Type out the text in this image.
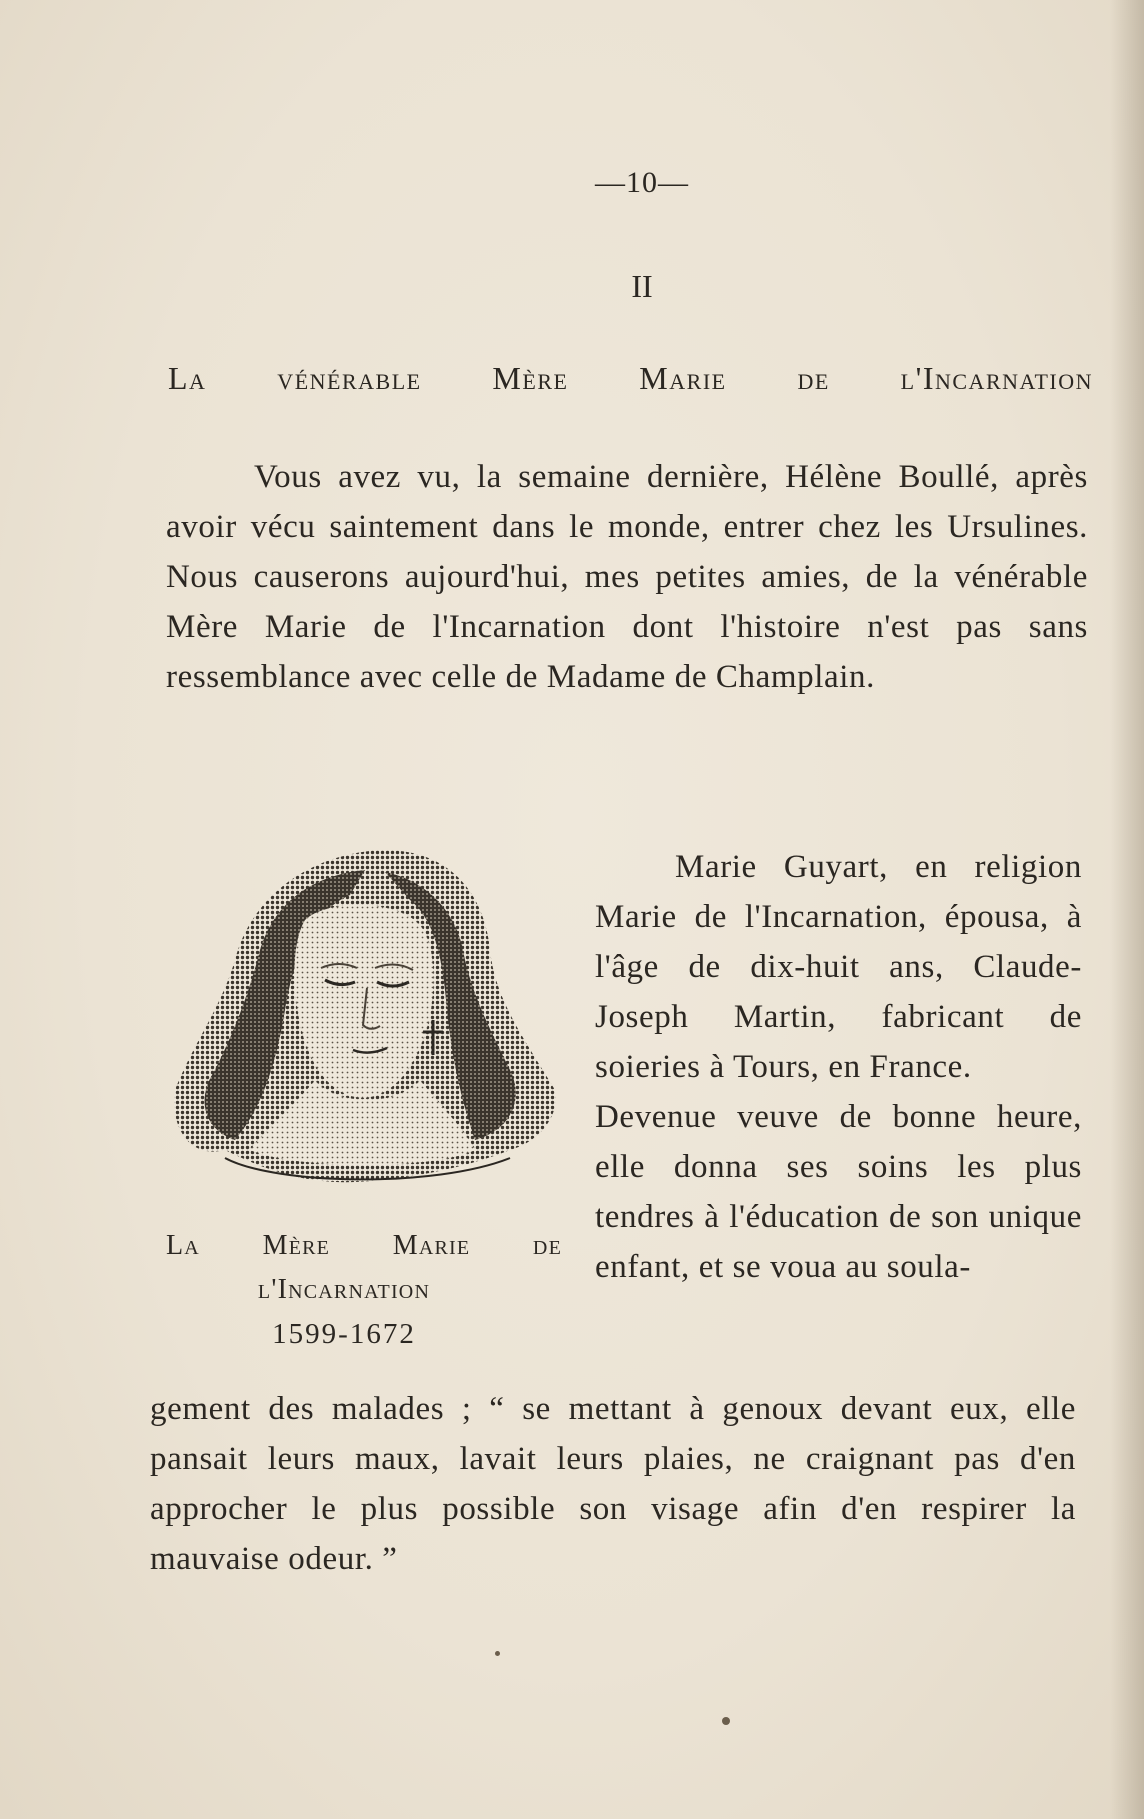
—10—
II
La vénérable Mère Marie de l'Incarnation
Vous avez vu, la semaine dernière, Hélène Boullé, après avoir vécu saintement dans le monde, entrer chez les Ursulines. Nous causerons aujourd'hui, mes petites amies, de la vénérable Mère Marie de l'Incarnation dont l'histoire n'est pas sans ressemblance avec celle de Madame de Champlain.
La Mère Marie de
l'Incarnation
1599-1672
Marie Guyart, en religion Marie de l'Incarnation, épousa, à l'âge de dix-huit ans, Claude-Joseph Martin, fabricant de soieries à Tours, en France.
Devenue veuve de bonne heure, elle donna ses soins les plus tendres à l'éducation de son unique enfant, et se voua au soula-
gement des malades ; “ se mettant à genoux devant eux, elle pansait leurs maux, lavait leurs plaies, ne craignant pas d'en approcher le plus possible son visage afin d'en respirer la mauvaise odeur. ”
